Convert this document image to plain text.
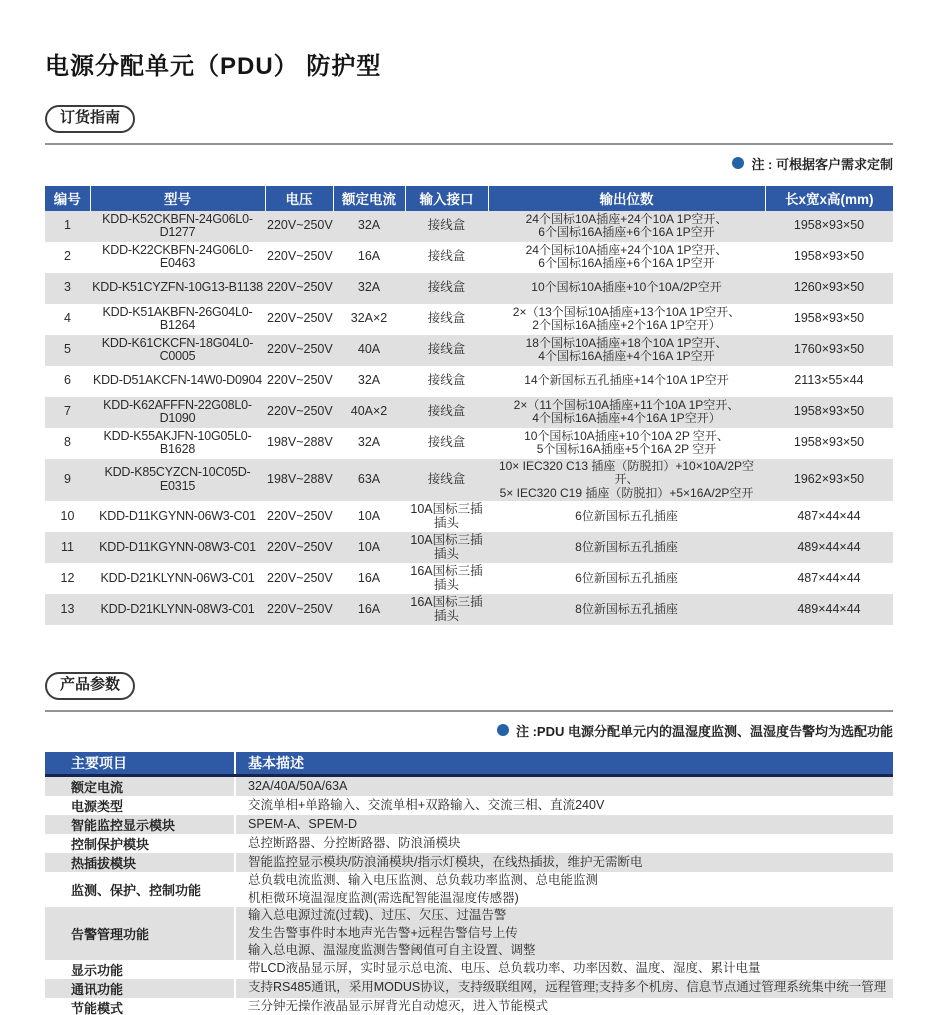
电源分配单元（PDU） 防护型
订货指南
注 : 可根据客户需求定制
编号	型号	电压	额定电流	输入接口	输出位数	长x宽x高(mm)
1	KDD-K52CKBFN-24G06L0-D1277	220V~250V	32A	接线盒	24个国标10A插座+24个10A 1P空开、
6个国标16A插座+6个16A 1P空开	1958×93×50
2	KDD-K22CKBFN-24G06L0-E0463	220V~250V	16A	接线盒	24个国标10A插座+24个10A 1P空开、
6个国标16A插座+6个16A 1P空开	1958×93×50
3	KDD-K51CYZFN-10G13-B1138	220V~250V	32A	接线盒	10个国标10A插座+10个10A/2P空开	1260×93×50
4	KDD-K51AKBFN-26G04L0-B1264	220V~250V	32A×2	接线盒	2×（13个国标10A插座+13个10A 1P空开、
2个国标16A插座+2个16A 1P空开）	1958×93×50
5	KDD-K61CKCFN-18G04L0-C0005	220V~250V	40A	接线盒	18个国标10A插座+18个10A 1P空开、
4个国标16A插座+4个16A 1P空开	1760×93×50
6	KDD-D51AKCFN-14W0-D0904	220V~250V	32A	接线盒	14个新国标五孔插座+14个10A 1P空开	2113×55×44
7	KDD-K62AFFFN-22G08L0-D1090	220V~250V	40A×2	接线盒	2×（11个国标10A插座+11个10A 1P空开、
4个国标16A插座+4个16A 1P空开）	1958×93×50
8	KDD-K55AKJFN-10G05L0-B1628	198V~288V	32A	接线盒	10个国标10A插座+10个10A 2P 空开、
5个国标16A插座+5个16A 2P 空开	1958×93×50
9	KDD-K85CYZCN-10C05D-E0315	198V~288V	63A	接线盒	10× IEC320 C13 插座（防脱扣）+10×10A/2P空开、
5× IEC320 C19 插座（防脱扣）+5×16A/2P空开	1962×93×50
10	KDD-D11KGYNN-06W3-C01	220V~250V	10A	10A国标三插插头	6位新国标五孔插座	487×44×44
11	KDD-D11KGYNN-08W3-C01	220V~250V	10A	10A国标三插插头	8位新国标五孔插座	489×44×44
12	KDD-D21KLYNN-06W3-C01	220V~250V	16A	16A国标三插插头	6位新国标五孔插座	487×44×44
13	KDD-D21KLYNN-08W3-C01	220V~250V	16A	16A国标三插插头	8位新国标五孔插座	489×44×44
产品参数
注 :PDU 电源分配单元内的温湿度监测、温湿度告警均为选配功能
主要项目	基本描述
额定电流	32A/40A/50A/63A

电源类型	交流单相+单路输入、交流单相+双路输入、交流三相、直流240V

智能监控显示模块	SPEM-A、SPEM-D

控制保护模块	总控断路器、分控断路器、防浪涌模块

热插拔模块	智能监控显示模块/防浪涌模块/指示灯模块，在线热插拔，维护无需断电

监测、保护、控制功能	总负载电流监测、输入电压监测、总负载功率监测、总电能监测
机柜微环境温湿度监测(需选配智能温湿度传感器)

告警管理功能	输入总电源过流(过载)、过压、欠压、过温告警
发生告警事件时本地声光告警+远程告警信号上传
输入总电源、温湿度监测告警阈值可自主设置、调整

显示功能	带LCD液晶显示屏，实时显示总电流、电压、总负载功率、功率因数、温度、湿度、累计电量

通讯功能	支持RS485通讯，采用MODUS协议，支持级联组网，远程管理;支持多个机房、信息节点通过管理系统集中统一管理

节能模式	三分钟无操作液晶显示屏背光自动熄灭，进入节能模式
